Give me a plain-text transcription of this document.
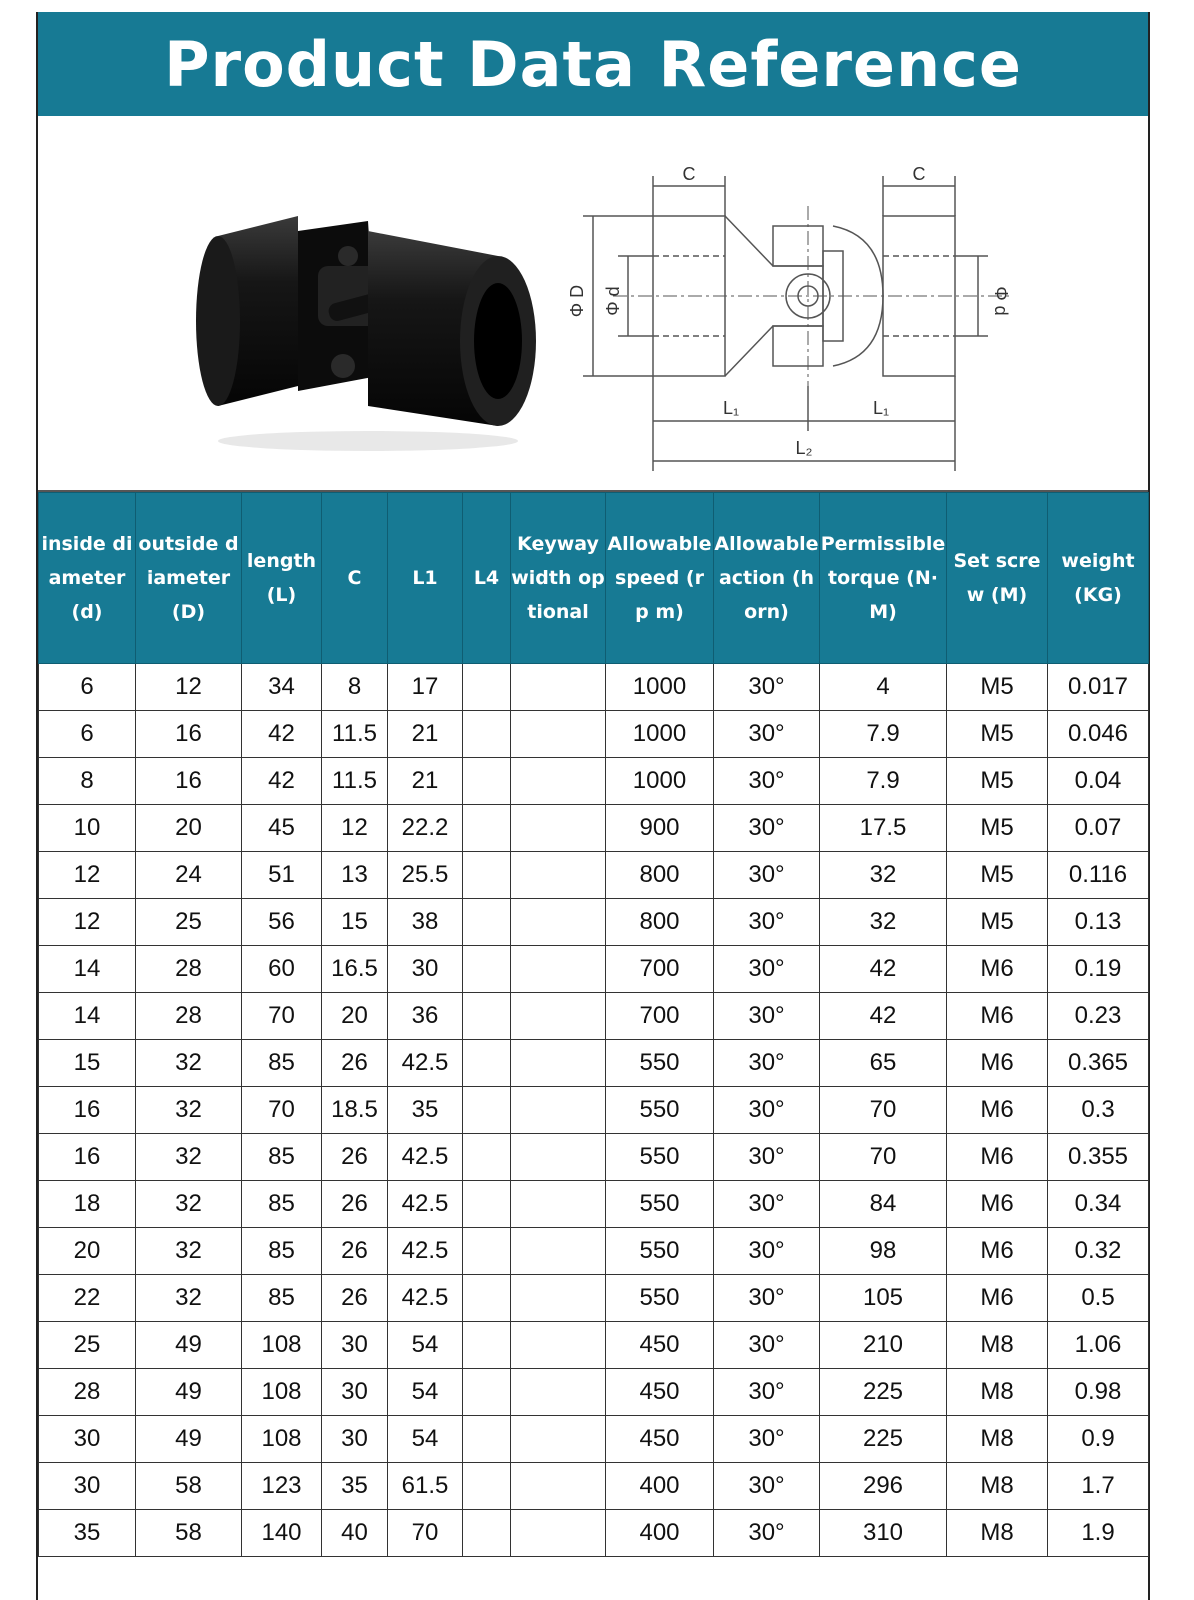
Product Data Reference
C	C
Φ D Φ d	Φ d
L₁	L₁
L₂
inside diameter (d)	outside diameter (D)	length (L)	C	L1	L4	Keyway width optional	Allowable speed (r p m)	Allowable action (horn)	Permissible torque (N·M)	Set screw (M)	weight (KG)
6	12	34	8	17			1000	30°	4	M5	0.017
6	16	42	11.5	21			1000	30°	7.9	M5	0.046
8	16	42	11.5	21			1000	30°	7.9	M5	0.04
10	20	45	12	22.2			900	30°	17.5	M5	0.07
12	24	51	13	25.5			800	30°	32	M5	0.116
12	25	56	15	38			800	30°	32	M5	0.13
14	28	60	16.5	30			700	30°	42	M6	0.19
14	28	70	20	36			700	30°	42	M6	0.23
15	32	85	26	42.5			550	30°	65	M6	0.365
16	32	70	18.5	35			550	30°	70	M6	0.3
16	32	85	26	42.5			550	30°	70	M6	0.355
18	32	85	26	42.5			550	30°	84	M6	0.34
20	32	85	26	42.5			550	30°	98	M6	0.32
22	32	85	26	42.5			550	30°	105	M6	0.5
25	49	108	30	54			450	30°	210	M8	1.06
28	49	108	30	54			450	30°	225	M8	0.98
30	49	108	30	54			450	30°	225	M8	0.9
30	58	123	35	61.5			400	30°	296	M8	1.7
35	58	140	40	70			400	30°	310	M8	1.9
